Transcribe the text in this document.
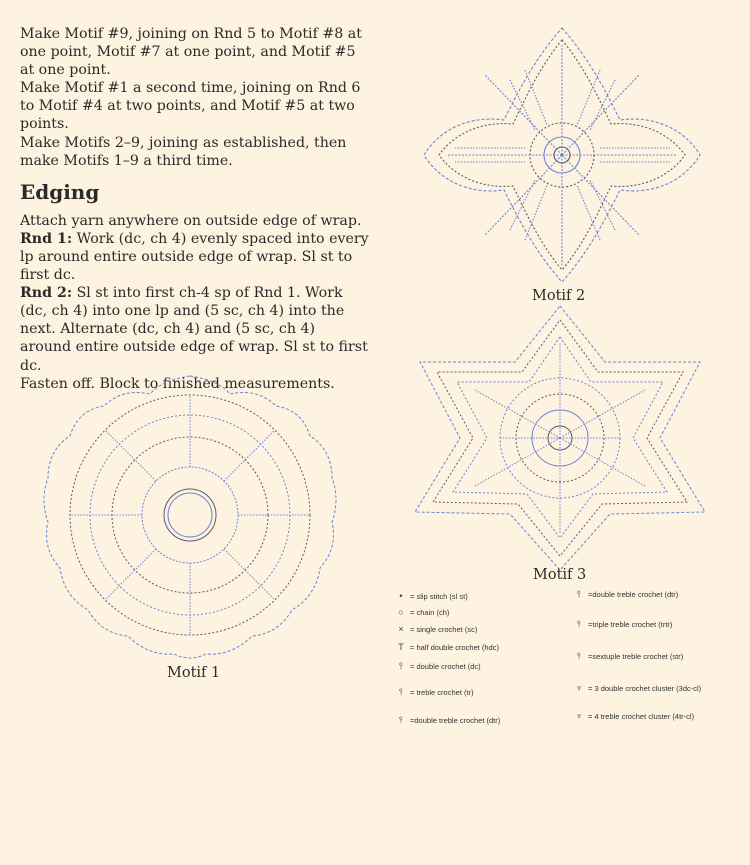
Make Motif #9, joining on Rnd 5 to Motif #8 at one point, Motif #7 at one point, and Motif #5 at one point.

Make Motif #1 a second time, joining on Rnd 6 to Motif #4 at two points, and Motif #5 at two points.

Make Motifs 2–9, joining as established, then make Motifs 1–9 a third time.

Edging

Attach yarn anywhere on outside edge of wrap.

Rnd 1: Work (dc, ch 4) evenly spaced into every lp around entire outside edge of wrap. Sl st to first dc.

Rnd 2: Sl st into first ch-4 sp of Rnd 1. Work (dc, ch 4) into one lp and (5 sc, ch 4) into the next. Alternate (dc, ch 4) and (5 sc, ch 4) around entire outside edge of wrap. Sl st to first dc.

Fasten off. Block to finished measurements.

Motif 2
Motif 3
Motif 1
• = slip stitch (sl st)
○ = chain (ch)
× = single crochet (sc)
T = half double crochet (hdc)
⫯ = double crochet (dc)
⫯ = treble crochet (tr)
⫯ =double treble crochet (dtr)
⫯ =double treble crochet (dtr)
⫯ =triple treble crochet (trtr)
⫯ =sextuple treble crochet (str)
♆ = 3 double crochet cluster (3dc-cl)
♆ = 4 treble crochet cluster (4tr-cl)
